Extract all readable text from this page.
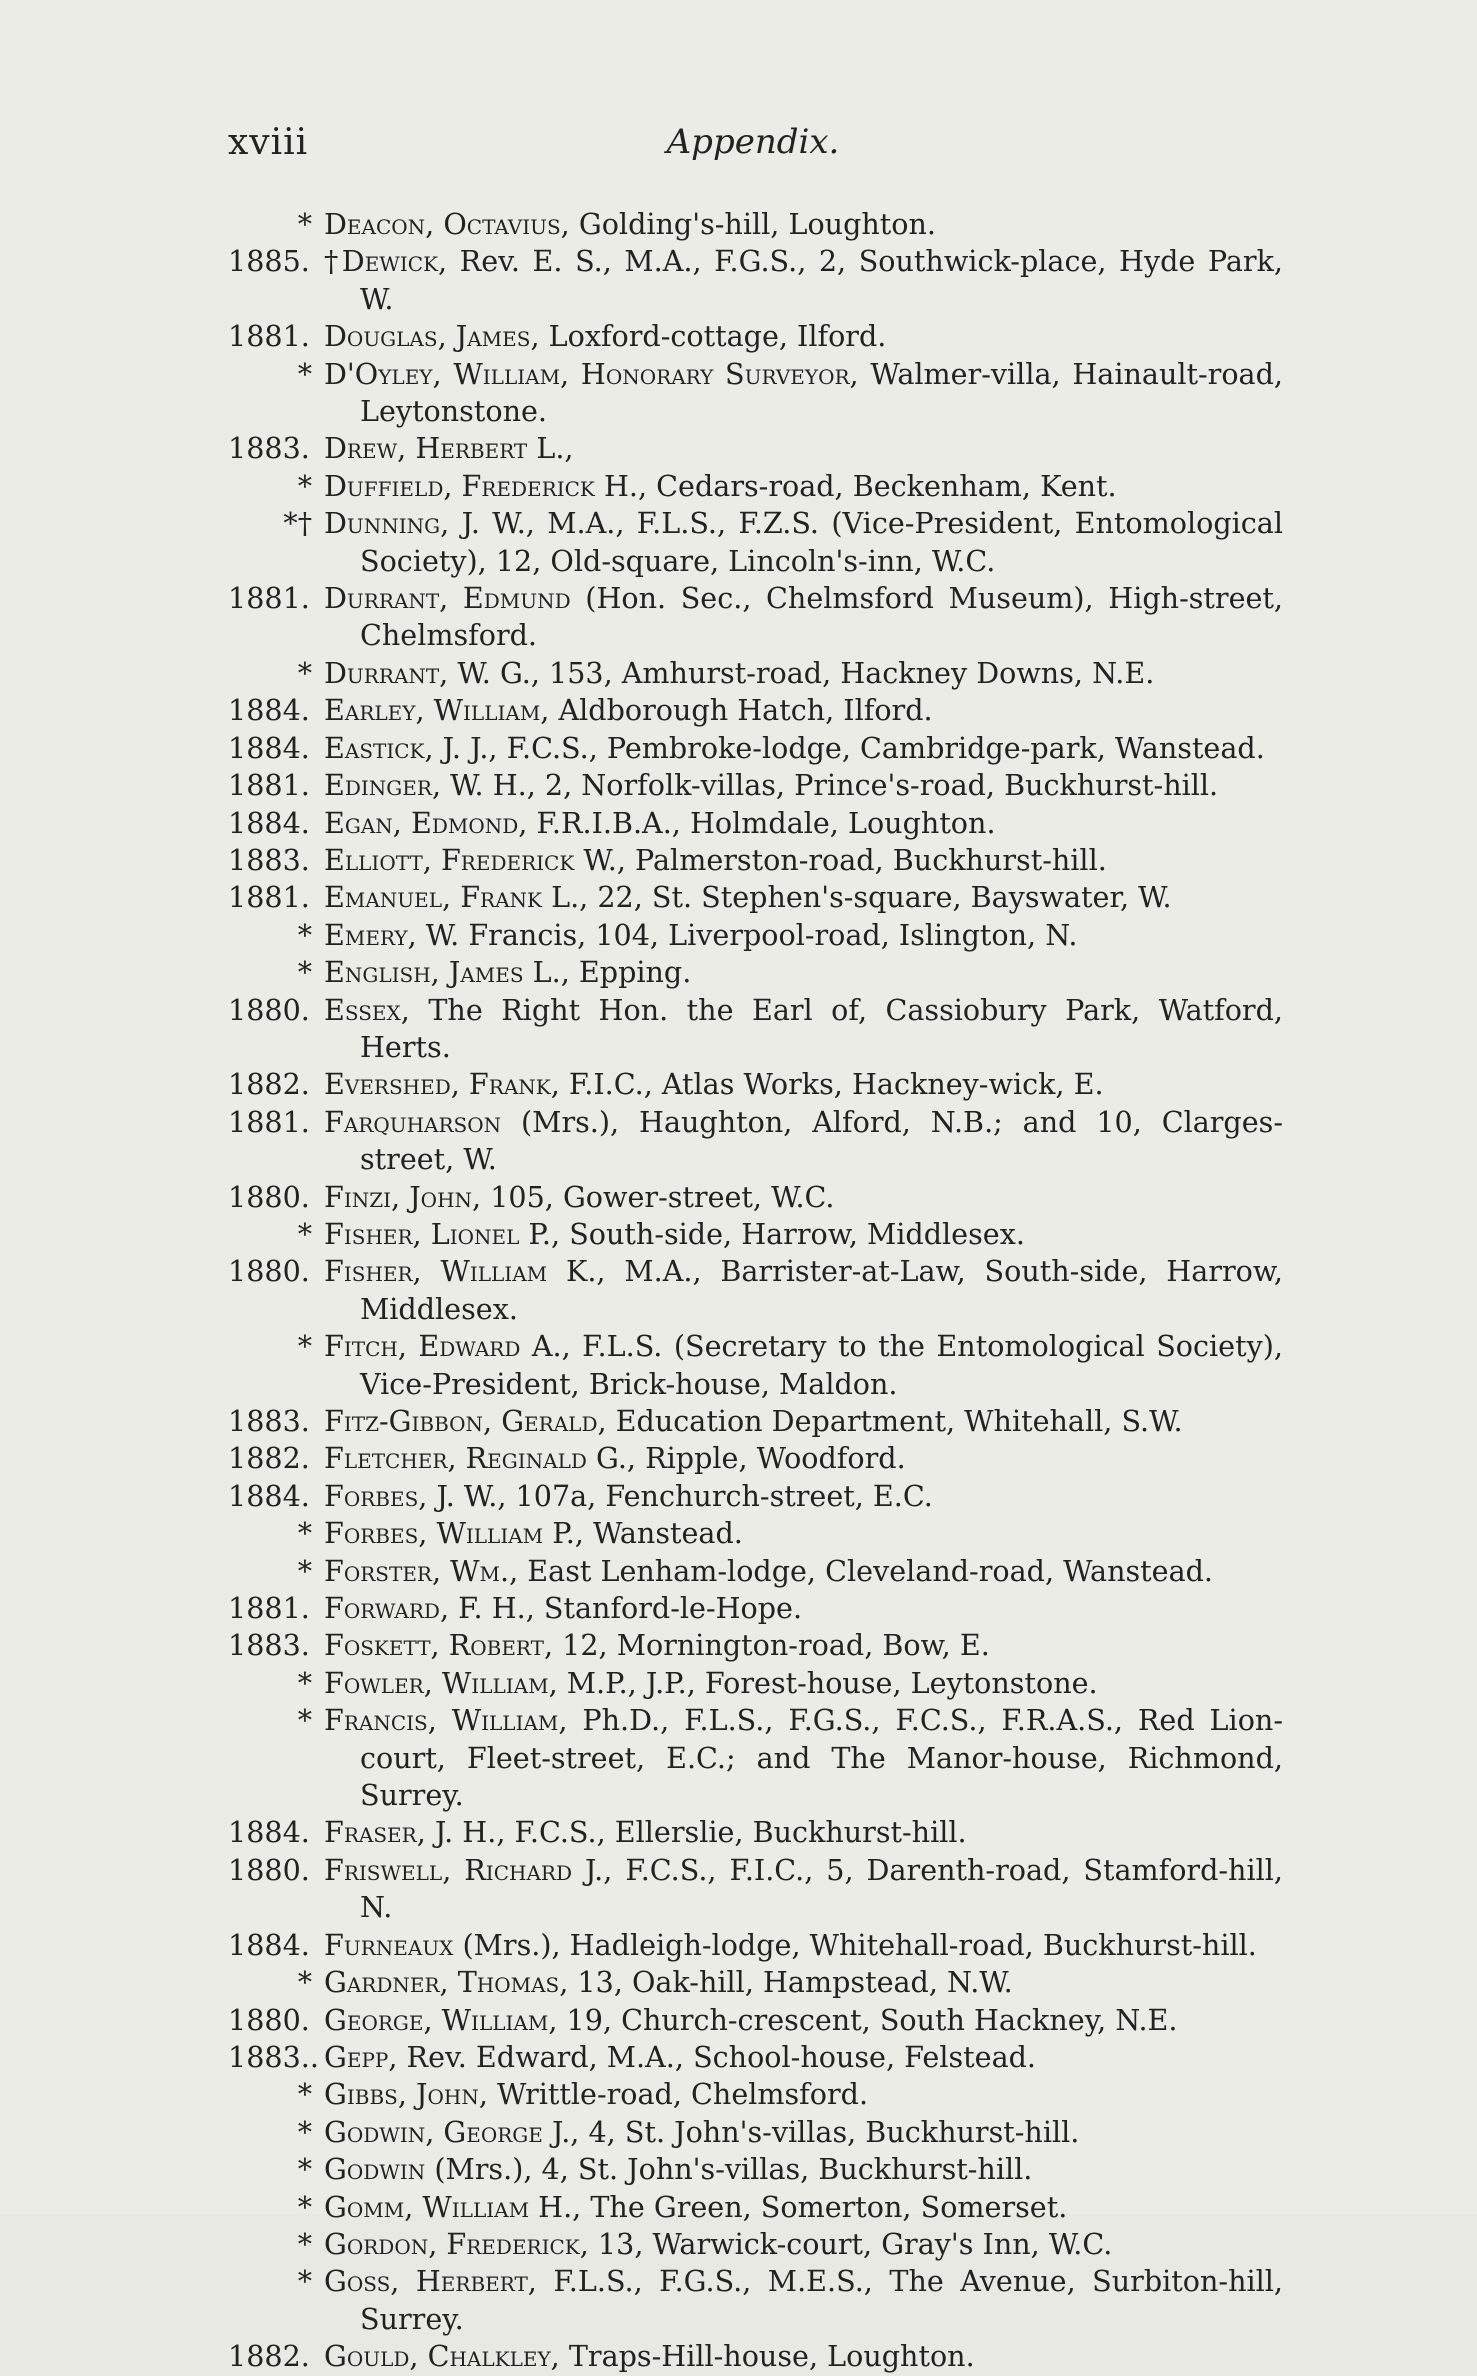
xviii	Appendix.
* Deacon, Octavius, Golding's-hill, Loughton.
1885. †Dewick, Rev. E. S., M.A., F.G.S., 2, Southwick-place, Hyde Park, W.
1881. Douglas, James, Loxford-cottage, Ilford.
* D'Oyley, William, Honorary Surveyor, Walmer-villa, Hainault-road, Leytonstone.
1883. Drew, Herbert L.,
* Duffield, Frederick H., Cedars-road, Beckenham, Kent.
*† Dunning, J. W., M.A., F.L.S., F.Z.S. (Vice-President, Entomological Society), 12, Old-square, Lincoln's-inn, W.C.
1881. Durrant, Edmund (Hon. Sec., Chelmsford Museum), High-street, Chelmsford.
* Durrant, W. G., 153, Amhurst-road, Hackney Downs, N.E.
1884. Earley, William, Aldborough Hatch, Ilford.
1884. Eastick, J. J., F.C.S., Pembroke-lodge, Cambridge-park, Wanstead.
1881. Edinger, W. H., 2, Norfolk-villas, Prince's-road, Buckhurst-hill.
1884. Egan, Edmond, F.R.I.B.A., Holmdale, Loughton.
1883. Elliott, Frederick W., Palmerston-road, Buckhurst-hill.
1881. Emanuel, Frank L., 22, St. Stephen's-square, Bayswater, W.
* Emery, W. Francis, 104, Liverpool-road, Islington, N.
* English, James L., Epping.
1880. Essex, The Right Hon. the Earl of, Cassiobury Park, Watford, Herts.
1882. Evershed, Frank, F.I.C., Atlas Works, Hackney-wick, E.
1881. Farquharson (Mrs.), Haughton, Alford, N.B.; and 10, Clarges-street, W.
1880. Finzi, John, 105, Gower-street, W.C.
* Fisher, Lionel P., South-side, Harrow, Middlesex.
1880. Fisher, William K., M.A., Barrister-at-Law, South-side, Harrow, Middlesex.
* Fitch, Edward A., F.L.S. (Secretary to the Entomological Society), Vice-President, Brick-house, Maldon.
1883. Fitz-Gibbon, Gerald, Education Department, Whitehall, S.W.
1882. Fletcher, Reginald G., Ripple, Woodford.
1884. Forbes, J. W., 107a, Fenchurch-street, E.C.
* Forbes, William P., Wanstead.
* Forster, Wm., East Lenham-lodge, Cleveland-road, Wanstead.
1881. Forward, F. H., Stanford-le-Hope.
1883. Foskett, Robert, 12, Mornington-road, Bow, E.
* Fowler, William, M.P., J.P., Forest-house, Leytonstone.
* Francis, William, Ph.D., F.L.S., F.G.S., F.C.S., F.R.A.S., Red Lion-court, Fleet-street, E.C.; and The Manor-house, Richmond, Surrey.
1884. Fraser, J. H., F.C.S., Ellerslie, Buckhurst-hill.
1880. Friswell, Richard J., F.C.S., F.I.C., 5, Darenth-road, Stamford-hill, N.
1884. Furneaux (Mrs.), Hadleigh-lodge, Whitehall-road, Buckhurst-hill.
* Gardner, Thomas, 13, Oak-hill, Hampstead, N.W.
1880. George, William, 19, Church-crescent, South Hackney, N.E.
1883.. Gepp, Rev. Edward, M.A., School-house, Felstead.
* Gibbs, John, Writtle-road, Chelmsford.
* Godwin, George J., 4, St. John's-villas, Buckhurst-hill.
* Godwin (Mrs.), 4, St. John's-villas, Buckhurst-hill.
* Gomm, William H., The Green, Somerton, Somerset.
* Gordon, Frederick, 13, Warwick-court, Gray's Inn, W.C.
* Goss, Herbert, F.L.S., F.G.S., M.E.S., The Avenue, Surbiton-hill, Surrey.
1882. Gould, Chalkley, Traps-Hill-house, Loughton.
